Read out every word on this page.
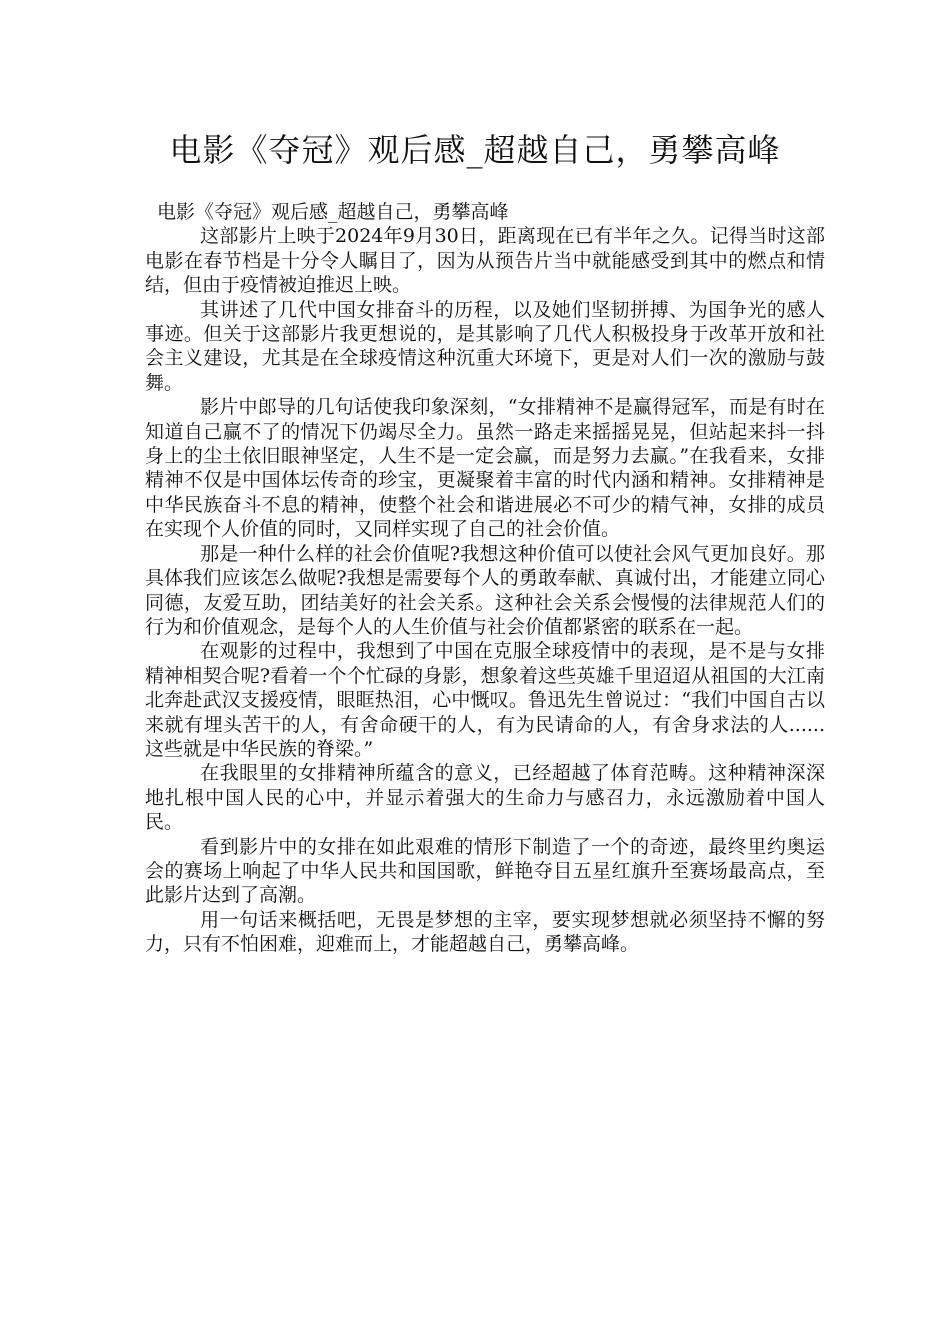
电影《夺冠》观后感_超越自己，勇攀高峰

电影《夺冠》观后感_超越自己，勇攀高峰

这部影片上映于2024年9月30日，距离现在已有半年之久。记得当时这部电影在春节档是十分令人瞩目了，因为从预告片当中就能感受到其中的燃点和情结，但由于疫情被迫推迟上映。

其讲述了几代中国女排奋斗的历程，以及她们坚韧拼搏、为国争光的感人事迹。但关于这部影片我更想说的，是其影响了几代人积极投身于改革开放和社会主义建设，尤其是在全球疫情这种沉重大环境下，更是对人们一次的激励与鼓舞。

影片中郎导的几句话使我印象深刻，“女排精神不是赢得冠军，而是有时在知道自己赢不了的情况下仍竭尽全力。虽然一路走来摇摇晃晃，但站起来抖一抖身上的尘土依旧眼神坚定，人生不是一定会赢，而是努力去赢。”在我看来，女排精神不仅是中国体坛传奇的珍宝，更凝聚着丰富的时代内涵和精神。女排精神是中华民族奋斗不息的精神，使整个社会和谐进展必不可少的精气神，女排的成员在实现个人价值的同时，又同样实现了自己的社会价值。

那是一种什么样的社会价值呢?我想这种价值可以使社会风气更加良好。那具体我们应该怎么做呢?我想是需要每个人的勇敢奉献、真诚付出，才能建立同心同德，友爱互助，团结美好的社会关系。这种社会关系会慢慢的法律规范人们的行为和价值观念，是每个人的人生价值与社会价值都紧密的联系在一起。

在观影的过程中，我想到了中国在克服全球疫情中的表现，是不是与女排精神相契合呢?看着一个个忙碌的身影，想象着这些英雄千里迢迢从祖国的大江南北奔赴武汉支援疫情，眼眶热泪，心中慨叹。鲁迅先生曾说过：“我们中国自古以来就有埋头苦干的人，有舍命硬干的人，有为民请命的人，有舍身求法的人......这些就是中华民族的脊梁。”

在我眼里的女排精神所蕴含的意义，已经超越了体育范畴。这种精神深深地扎根中国人民的心中，并显示着强大的生命力与感召力，永远激励着中国人民。

看到影片中的女排在如此艰难的情形下制造了一个的奇迹，最终里约奥运会的赛场上响起了中华人民共和国国歌，鲜艳夺目五星红旗升至赛场最高点，至此影片达到了高潮。

用一句话来概括吧，无畏是梦想的主宰，要实现梦想就必须坚持不懈的努力，只有不怕困难，迎难而上，才能超越自己，勇攀高峰。
